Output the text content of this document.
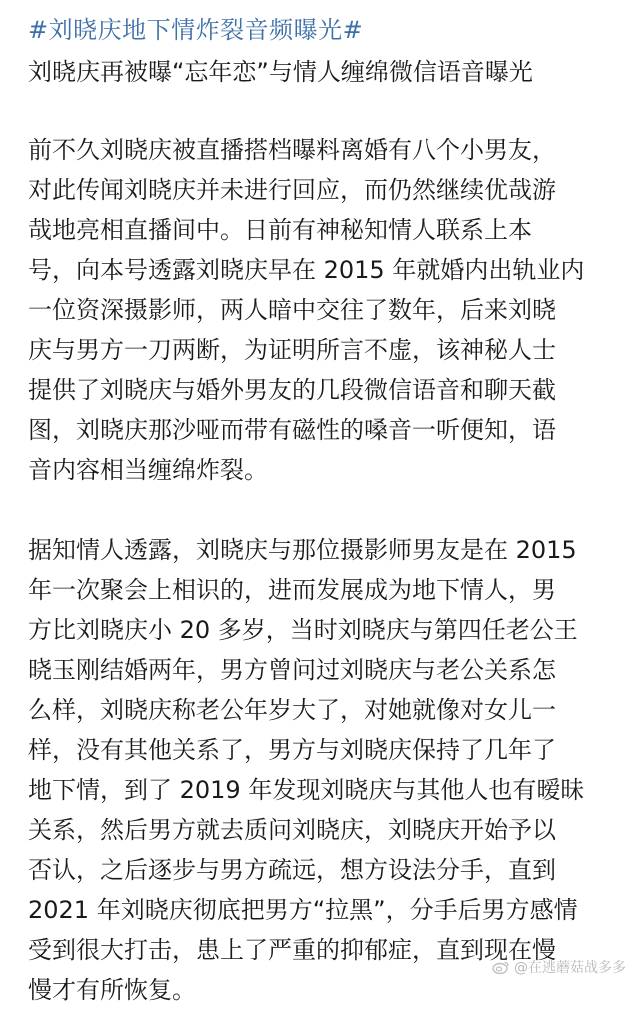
#刘晓庆地下情炸裂音频曝光#
刘晓庆再被曝“忘年恋”与情人缠绵微信语音曝光

前不久刘晓庆被直播搭档曝料离婚有八个小男友，
对此传闻刘晓庆并未进行回应，而仍然继续优哉游
哉地亮相直播间中。日前有神秘知情人联系上本
号，向本号透露刘晓庆早在 2015 年就婚内出轨业内
一位资深摄影师，两人暗中交往了数年，后来刘晓
庆与男方一刀两断，为证明所言不虚，该神秘人士
提供了刘晓庆与婚外男友的几段微信语音和聊天截
图，刘晓庆那沙哑而带有磁性的嗓音一听便知，语
音内容相当缠绵炸裂。

据知情人透露，刘晓庆与那位摄影师男友是在 2015
年一次聚会上相识的，进而发展成为地下情人，男
方比刘晓庆小 20 多岁，当时刘晓庆与第四任老公王
晓玉刚结婚两年，男方曾问过刘晓庆与老公关系怎
么样，刘晓庆称老公年岁大了，对她就像对女儿一
样，没有其他关系了，男方与刘晓庆保持了几年了
地下情，到了 2019 年发现刘晓庆与其他人也有暧昧
关系，然后男方就去质问刘晓庆，刘晓庆开始予以
否认，之后逐步与男方疏远，想方设法分手，直到
2021 年刘晓庆彻底把男方“拉黑”，分手后男方感情
受到很大打击，患上了严重的抑郁症，直到现在慢
慢才有所恢复。

@在逃蘑菇战多多
